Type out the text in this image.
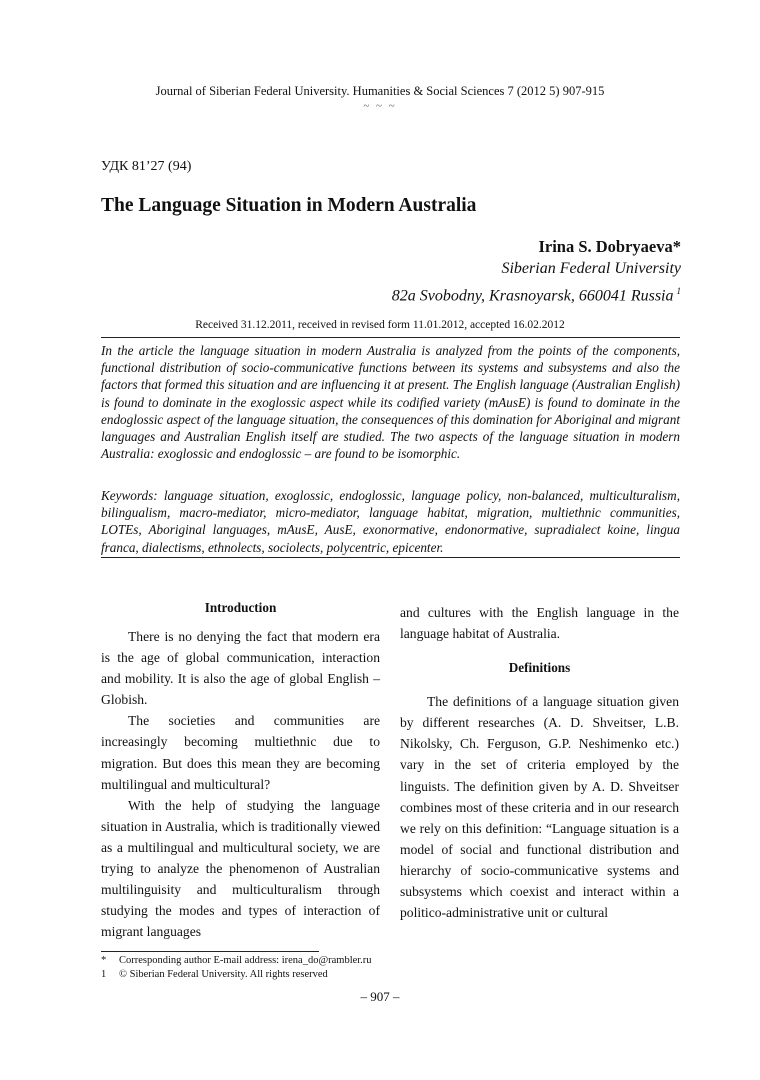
Journal of Siberian Federal University. Humanities & Social Sciences 7 (2012 5) 907-915
~ ~ ~
УДК 81’27 (94)
The Language Situation in Modern Australia
Irina S. Dobryaeva*
Siberian Federal University
82a Svobodny, Krasnoyarsk, 660041 Russia $^1$
Received 31.12.2011, received in revised form 11.01.2012, accepted 16.02.2012
In the article the language situation in modern Australia is analyzed from the points of the components, functional distribution of socio-communicative functions between its systems and subsystems and also the factors that formed this situation and are influencing it at present. The English language (Australian English) is found to dominate in the exoglossic aspect while its codified variety (mAusE) is found to dominate in the endoglossic aspect of the language situation, the consequences of this domination for Aboriginal and migrant languages and Australian English itself are studied. The two aspects of the language situation in modern Australia: exoglossic and endoglossic – are found to be isomorphic.
Keywords: language situation, exoglossic, endoglossic, language policy, non-balanced, multiculturalism, bilingualism, macro-mediator, micro-mediator, language habitat, migration, multiethnic communities, LOTEs, Aboriginal languages, mAusE, AusE, exonormative, endonormative, supradialect koine, lingua franca, dialectisms, ethnolects, sociolects, polycentric, epicenter.
Introduction

There is no denying the fact that modern era is the age of global communication, interaction and mobility. It is also the age of global English – Globish.

The societies and communities are increasingly becoming multiethnic due to migration. But does this mean they are becoming multilingual and multicultural?

With the help of studying the language situation in Australia, which is traditionally viewed as a multilingual and multicultural society, we are trying to analyze the phenomenon of Australian multilinguisity and multiculturalism through studying the modes and types of interaction of migrant languages

and cultures with the English language in the language habitat of Australia.

Definitions

The definitions of a language situation given by different researches (A. D. Shveitser, L.B. Nikolsky, Ch. Ferguson, G.P. Neshimenko etc.) vary in the set of criteria employed by the linguists. The definition given by A. D. Shveitser combines most of these criteria and in our research we rely on this definition: “Language situation is a model of social and functional distribution and hierarchy of socio-communicative systems and subsystems which coexist and interact within a politico-administrative unit or cultural

* Corresponding author E-mail address: irena_do@rambler.ru
1 © Siberian Federal University. All rights reserved
– 907 –
